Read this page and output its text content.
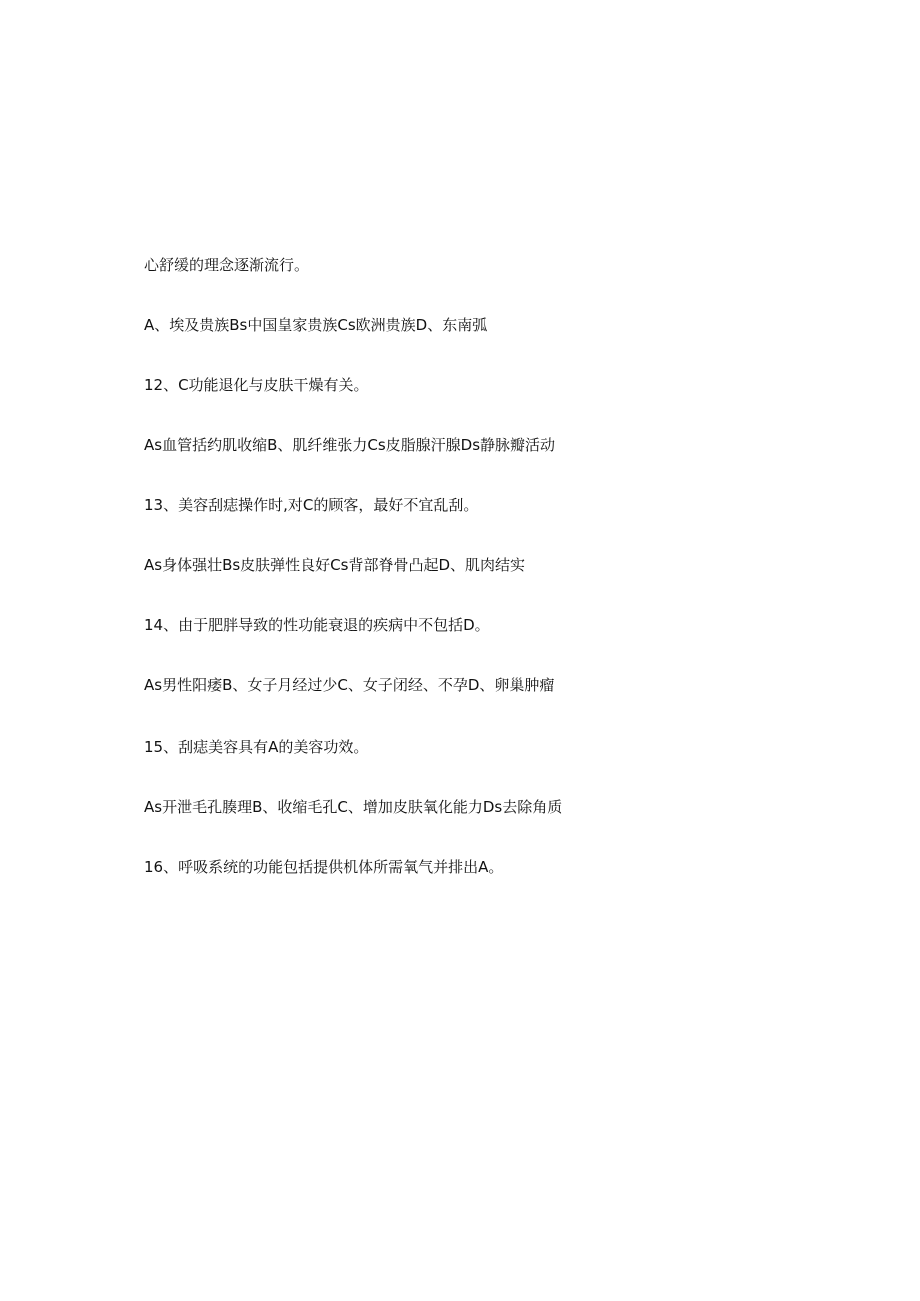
心舒缓的理念逐渐流行。
A、埃及贵族Bs中国皇家贵族Cs欧洲贵族D、东南弧
12、C功能退化与皮肤干燥有关。
As血管括约肌收缩B、肌纤维张力Cs皮脂腺汗腺Ds静脉瓣活动
13、美容刮痣操作时,对C的顾客，最好不宜乱刮。
As身体强壮Bs皮肤弹性良好Cs背部脊骨凸起D、肌肉结实
14、由于肥胖导致的性功能衰退的疾病中不包括D。
As男性阳痿B、女子月经过少C、女子闭经、不孕D、卵巢肿瘤
15、刮痣美容具有A的美容功效。
As开泄毛孔腠理B、收缩毛孔C、增加皮肤氧化能力Ds去除角质
16、呼吸系统的功能包括提供机体所需氧气并排出A。
